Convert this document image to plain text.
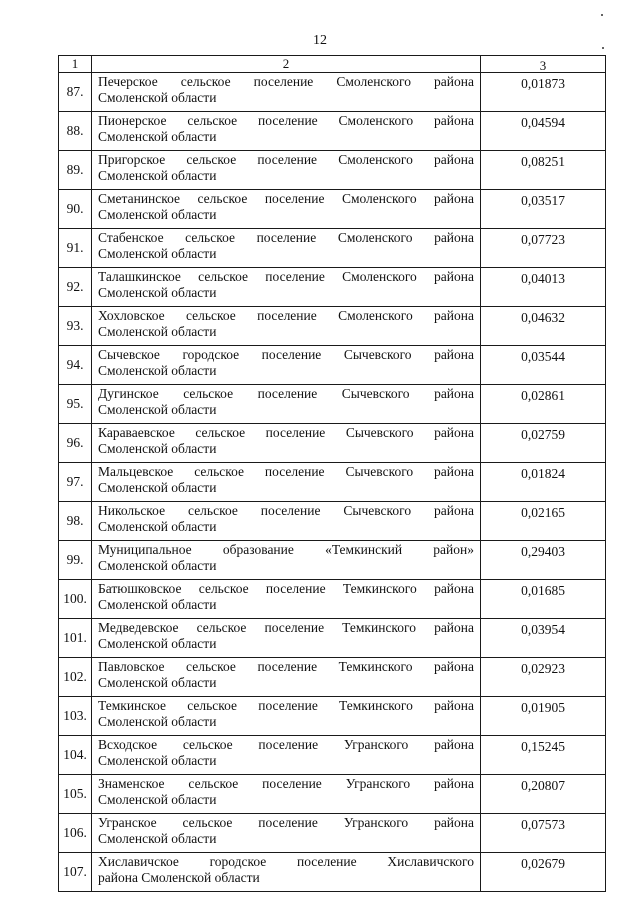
12
1	2	3
87.	Печерское сельское поселение Смоленского района
Смоленской области	0,01873
88.	Пионерское сельское поселение Смоленского района
Смоленской области	0,04594
89.	Пригорское сельское поселение Смоленского района
Смоленской области	0,08251
90.	Сметанинское сельское поселение Смоленского района
Смоленской области	0,03517
91.	Стабенское сельское поселение Смоленского района
Смоленской области	0,07723
92.	Талашкинское сельское поселение Смоленского района
Смоленской области	0,04013
93.	Хохловское сельское поселение Смоленского района
Смоленской области	0,04632
94.	Сычевское городское поселение Сычевского района
Смоленской области	0,03544
95.	Дугинское сельское поселение Сычевского района
Смоленской области	0,02861
96.	Караваевское сельское поселение Сычевского района
Смоленской области	0,02759
97.	Мальцевское сельское поселение Сычевского района
Смоленской области	0,01824
98.	Никольское сельское поселение Сычевского района
Смоленской области	0,02165
99.	Муниципальное образование «Темкинский район»
Смоленской области	0,29403
100.	Батюшковское сельское поселение Темкинского района
Смоленской области	0,01685
101.	Медведевское сельское поселение Темкинского района
Смоленской области	0,03954
102.	Павловское сельское поселение Темкинского района
Смоленской области	0,02923
103.	Темкинское сельское поселение Темкинского района
Смоленской области	0,01905
104.	Всходское сельское поселение Угранского района
Смоленской области	0,15245
105.	Знаменское сельское поселение Угранского района
Смоленской области	0,20807
106.	Угранское сельское поселение Угранского района
Смоленской области	0,07573
107.	Хиславичское городское поселение Хиславичского
района Смоленской области	0,02679
